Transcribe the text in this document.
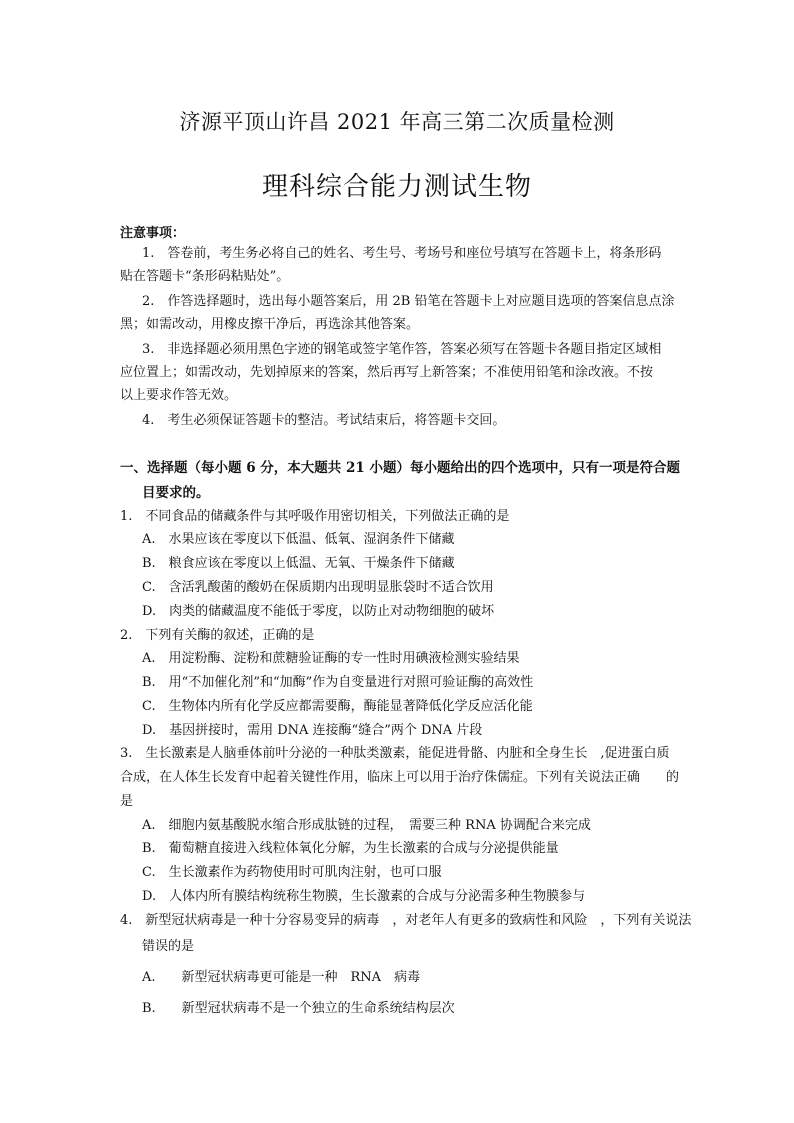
济源平顶山许昌 2021 年高三第二次质量检测
理科综合能力测试生物
注意事项：
1.　答卷前，考生务必将自己的姓名、考生号、考场号和座位号填写在答题卡上，将条形码
贴在答题卡“条形码粘贴处”。
2.　作答选择题时，选出每小题答案后，用 2B 铅笔在答题卡上对应题目选项的答案信息点涂
黑；如需改动，用橡皮擦干净后，再选涂其他答案。
3.　非选择题必须用黑色字迹的钢笔或签字笔作答，答案必须写在答题卡各题目指定区域相
应位置上；如需改动，先划掉原来的答案，然后再写上新答案；不准使用铅笔和涂改液。不按
以上要求作答无效。
4.　考生必须保证答题卡的整洁。考试结束后，将答题卡交回。
一、选择题（每小题 6 分，本大题共 21 小题）每小题给出的四个选项中，只有一项是符合题
目要求的。
1.　不同食品的储藏条件与其呼吸作用密切相关，下列做法正确的是
A.　水果应该在零度以下低温、低氧、湿润条件下储藏
B.　粮食应该在零度以上低温、无氧、干燥条件下储藏
C.　含活乳酸菌的酸奶在保质期内出现明显胀袋时不适合饮用
D.　肉类的储藏温度不能低于零度，以防止对动物细胞的破坏
2.　下列有关酶的叙述，正确的是
A.　用淀粉酶、淀粉和蔗糖验证酶的专一性时用碘液检测实验结果
B.　用“不加催化剂”和“加酶”作为自变量进行对照可验证酶的高效性
C.　生物体内所有化学反应都需要酶，酶能显著降低化学反应活化能
D.　基因拼接时，需用 DNA 连接酶“缝合”两个 DNA 片段
3.　生长激素是人脑垂体前叶分泌的一种肽类激素，能促进骨骼、内脏和全身生长　,促进蛋白质
合成，在人体生长发育中起着关键性作用，临床上可以用于治疗侏儒症。下列有关说法正确　　的
是
A.　细胞内氨基酸脱水缩合形成肽链的过程，　需要三种 RNA 协调配合来完成
B.　葡萄糖直接进入线粒体氧化分解，为生长激素的合成与分泌提供能量
C.　生长激素作为药物使用时可肌肉注射，也可口服
D.　人体内所有膜结构统称生物膜，生长激素的合成与分泌需多种生物膜参与
4.　新型冠状病毒是一种十分容易变异的病毒　，对老年人有更多的致病性和风险　，下列有关说法
错误的是
A.　　新型冠状病毒更可能是一种　RNA　病毒
B.　　新型冠状病毒不是一个独立的生命系统结构层次
